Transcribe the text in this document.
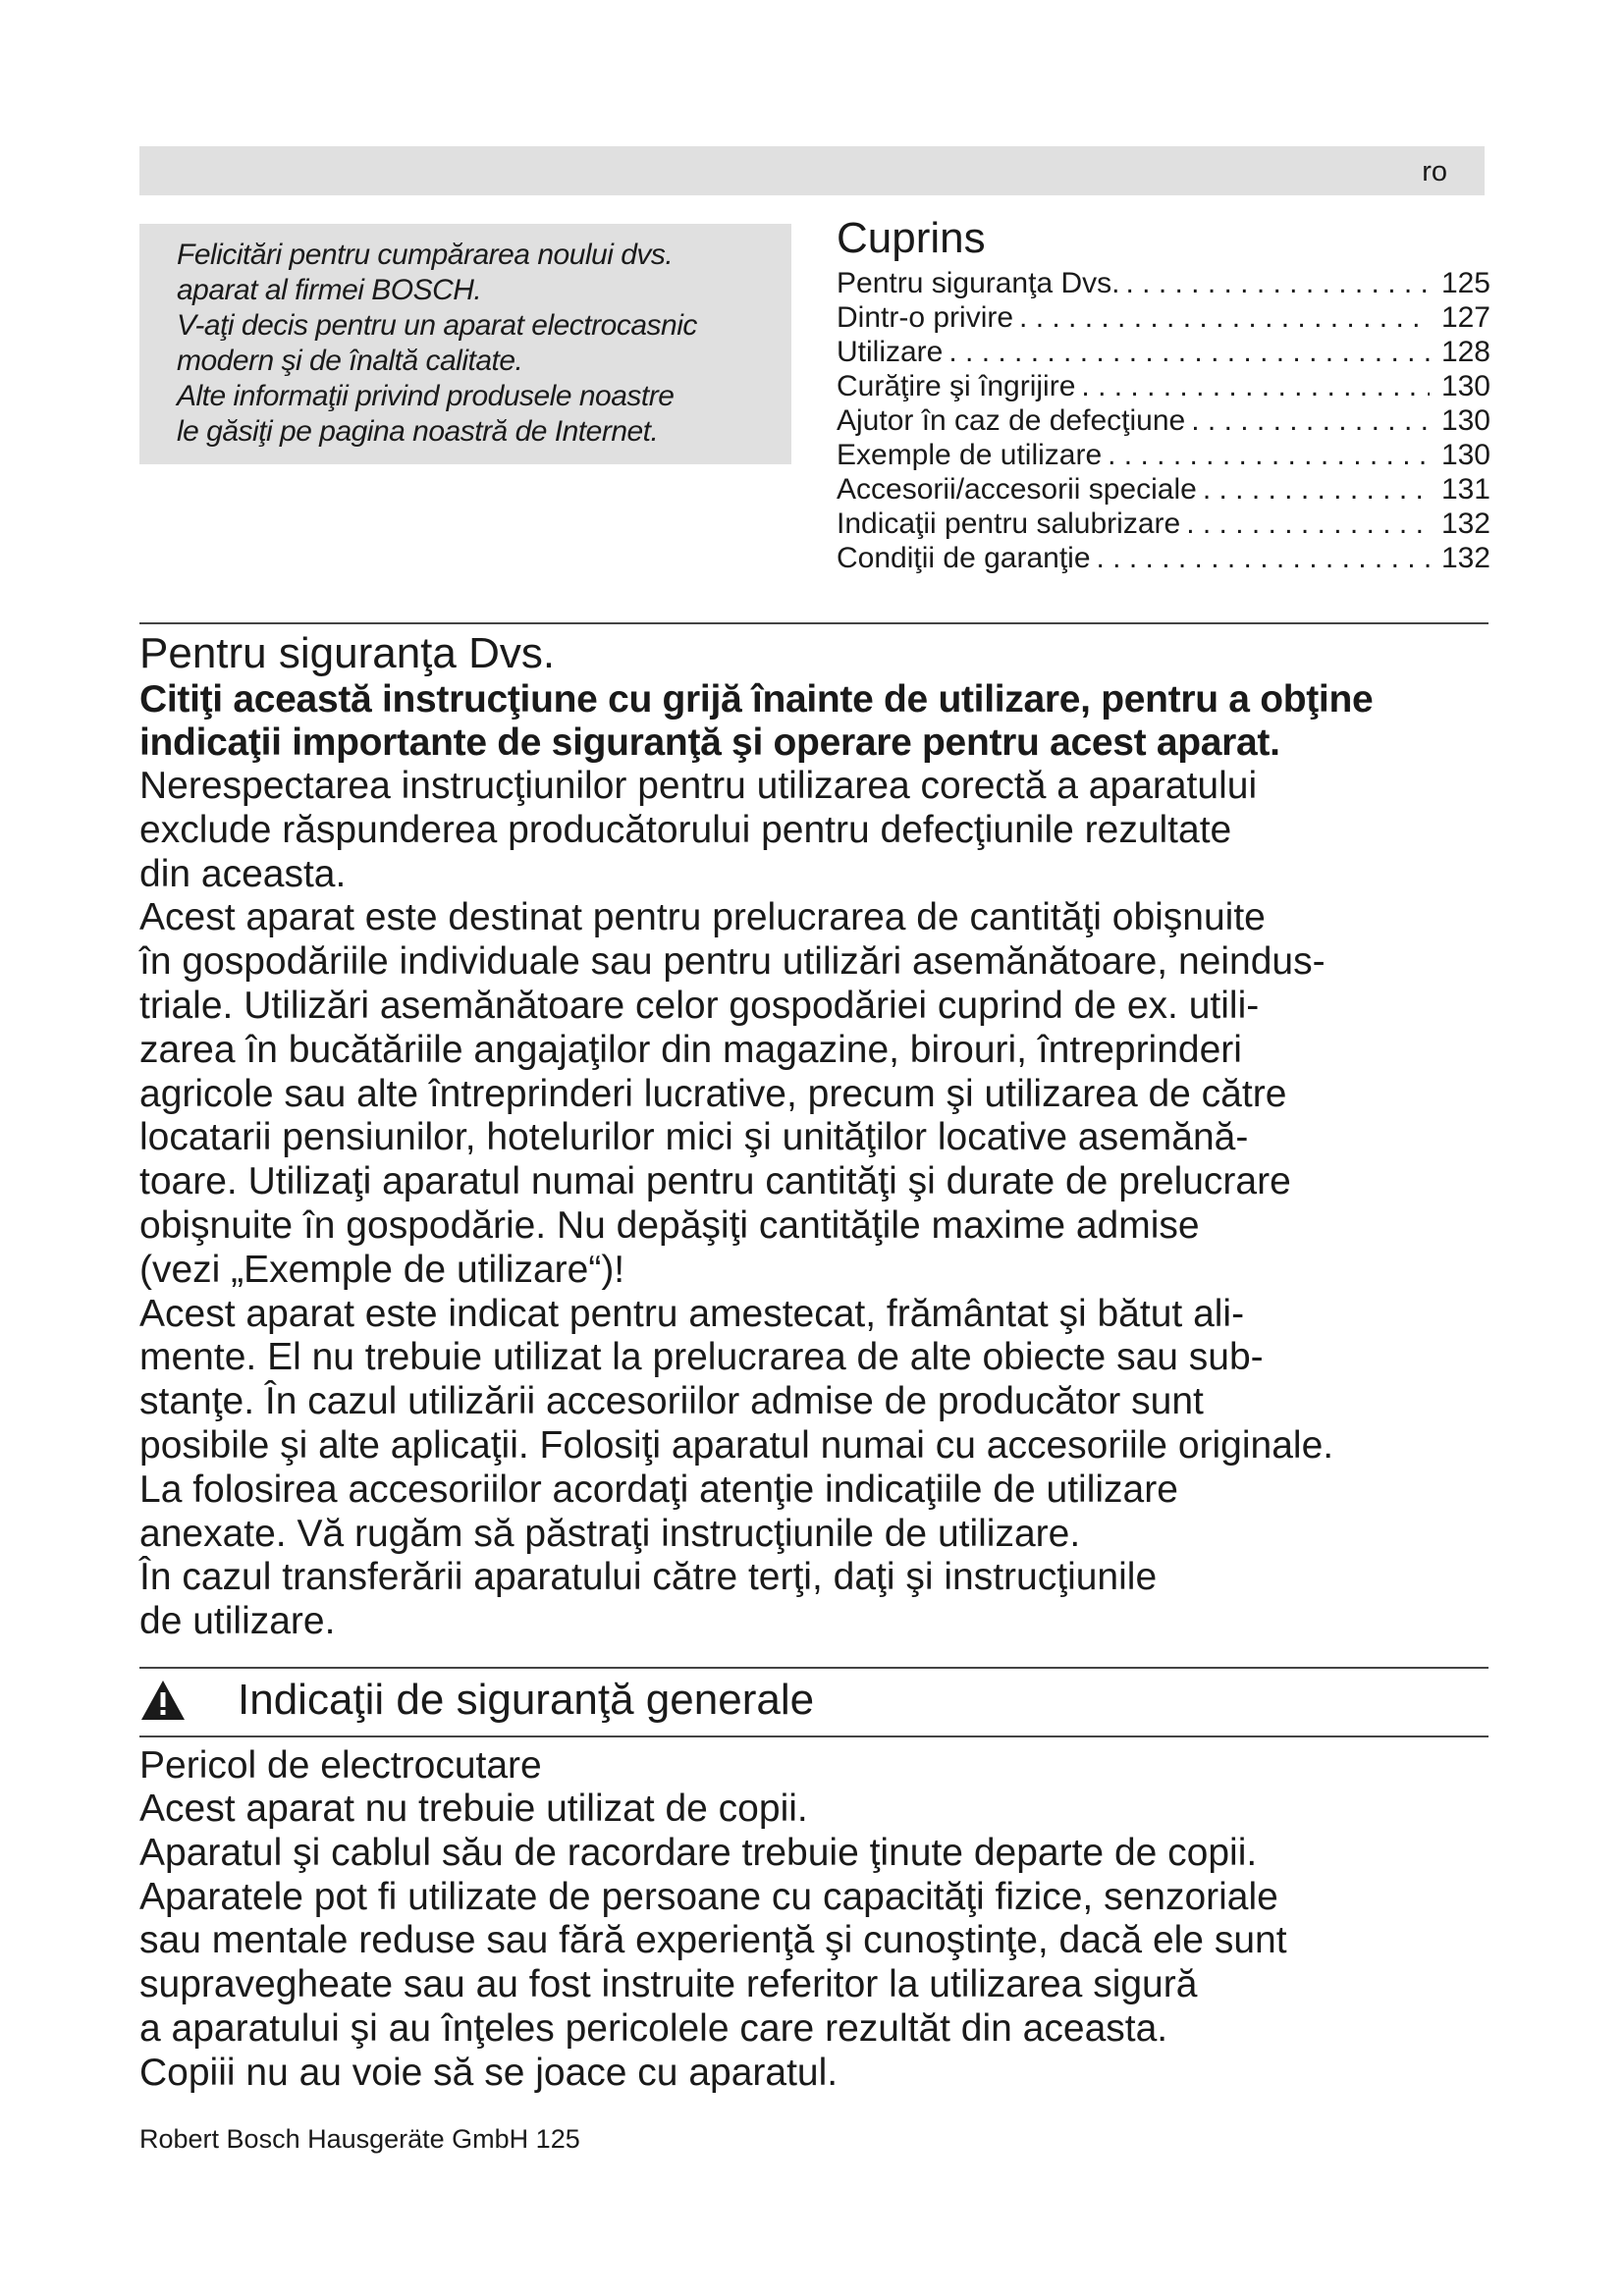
ro
Felicitări pentru cumpărarea noului dvs.
aparat al firmei BOSCH.
V-aţi decis pentru un aparat electrocasnic
modern şi de înaltă calitate.
Alte informaţii privind produsele noastre
le găsiţi pe pagina noastră de Internet.
Cuprins
Pentru siguranţa Dvs. . . .	125
Dintr-o privire . . .	127
Utilizare . . .	128
Curăţire şi îngrijire . . .	130
Ajutor în caz de defecţiune . . .	130
Exemple de utilizare . . .	130
Accesorii/accesorii speciale . . .	131
Indicaţii pentru salubrizare . . .	132
Condiţii de garanţie . . .	132
Pentru siguranţa Dvs.
Citiţi această instrucţiune cu grijă înainte de utilizare, pentru a obţine
indicaţii importante de siguranţă şi operare pentru acest aparat.
Nerespectarea instrucţiunilor pentru utilizarea corectă a aparatului
exclude răspunderea producătorului pentru defecţiunile rezultate
din aceasta.
Acest aparat este destinat pentru prelucrarea de cantităţi obişnuite
în gospodăriile individuale sau pentru utilizări asemănătoare, neindus-
triale. Utilizări asemănătoare celor gospodăriei cuprind de ex. utili-
zarea în bucătăriile angajaţilor din magazine, birouri, întreprinderi
agricole sau alte întreprinderi lucrative, precum şi utilizarea de către
locatarii pensiunilor, hotelurilor mici şi unităţilor locative asemănă-
toare. Utilizaţi aparatul numai pentru cantităţi şi durate de prelucrare
obişnuite în gospodărie. Nu depăşiţi cantităţile maxime admise
(vezi „Exemple de utilizare“)!
Acest aparat este indicat pentru amestecat, frământat şi bătut ali-
mente. El nu trebuie utilizat la prelucrarea de alte obiecte sau sub-
stanţe. În cazul utilizării accesoriilor admise de producător sunt
posibile şi alte aplicaţii. Folosiţi aparatul numai cu accesoriile originale.
La folosirea accesoriilor acordaţi atenţie indicaţiile de utilizare
anexate. Vă rugăm să păstraţi instrucţiunile de utilizare.
În cazul transferării aparatului către terţi, daţi şi instrucţiunile
de utilizare.
Indicaţii de siguranţă generale
Pericol de electrocutare
Acest aparat nu trebuie utilizat de copii.
Aparatul şi cablul său de racordare trebuie ţinute departe de copii.
Aparatele pot fi utilizate de persoane cu capacităţi fizice, senzoriale
sau mentale reduse sau fără experienţă şi cunoştinţe, dacă ele sunt
supravegheate sau au fost instruite referitor la utilizarea sigură
a aparatului şi au înţeles pericolele care rezultăt din aceasta.
Copiii nu au voie să se joace cu aparatul.
Robert Bosch Hausgeräte GmbH 125
